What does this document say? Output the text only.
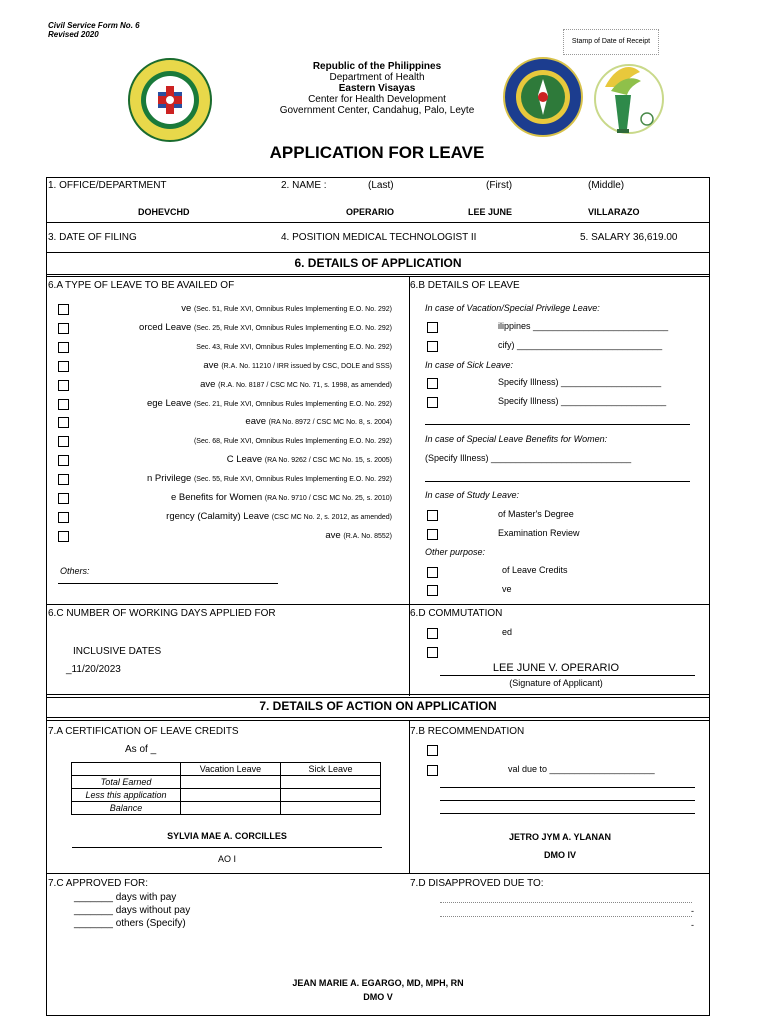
Civil Service Form No. 6
Revised 2020
Stamp of Date of Receipt
Republic of the Philippines
Department of Health
Eastern Visayas
Center for Health Development
Government Center, Candahug, Palo, Leyte
APPLICATION FOR LEAVE
1. OFFICE/DEPARTMENT	2. NAME :	(Last)	(First)	(Middle)
DOHEVCHD	OPERARIO	LEE JUNE	VILLARAZO
3. DATE OF FILING	4. POSITION MEDICAL TECHNOLOGIST II	5. SALARY 36,619.00
6. DETAILS OF APPLICATION
6.A TYPE OF LEAVE TO BE AVAILED OF
ve (Sec. 51, Rule XVI, Omnibus Rules Implementing E.O. No. 292)
orced Leave (Sec. 25, Rule XVI, Omnibus Rules Implementing E.O. No. 292)
Sec. 43, Rule XVI, Omnibus Rules Implementing E.O. No. 292)
ave (R.A. No. 11210 / IRR issued by CSC, DOLE and SSS)
ave (R.A. No. 8187 / CSC MC No. 71, s. 1998, as amended)
ege Leave (Sec. 21, Rule XVI, Omnibus Rules Implementing E.O. No. 292)
eave (RA No. 8972 / CSC MC No. 8, s. 2004)
(Sec. 68, Rule XVI, Omnibus Rules Implementing E.O. No. 292)
C Leave (RA No. 9262 / CSC MC No. 15, s. 2005)
n Privilege (Sec. 55, Rule XVI, Omnibus Rules Implementing E.O. No. 292)
e Benefits for Women (RA No. 9710 / CSC MC No. 25, s. 2010)
rgency (Calamity) Leave (CSC MC No. 2, s. 2012, as amended)
ave (R.A. No. 8552)
Others:
6.B DETAILS OF LEAVE
In case of Vacation/Special Privilege Leave:
ilippines ___________________________
cify) _____________________________
In case of Sick Leave:
Specify Illness) ____________________
Specify Illness) _____________________
In case of Special Leave Benefits for Women:
(Specify Illness) ____________________________
In case of Study Leave:
of Master's Degree
Examination Review
Other purpose:
of Leave Credits
ve
6.C NUMBER OF WORKING DAYS APPLIED FOR
INCLUSIVE DATES
_11/20/2023
6.D COMMUTATION
ed
LEE JUNE V. OPERARIO
(Signature of Applicant)
7. DETAILS OF ACTION ON APPLICATION
7.A CERTIFICATION OF LEAVE CREDITS
As of _
	Vacation Leave	Sick Leave
Total Earned		
Less this application		
Balance		
SYLVIA MAE A. CORCILLES
AO I
7.B RECOMMENDATION
val due to _____________________
JETRO JYM A. YLANAN
DMO IV
7.C APPROVED FOR:
_______ days with pay
_______ days without pay
_______ others (Specify)
7.D DISAPPROVED DUE TO:
-
-
JEAN MARIE A. EGARGO, MD, MPH, RN
DMO V
